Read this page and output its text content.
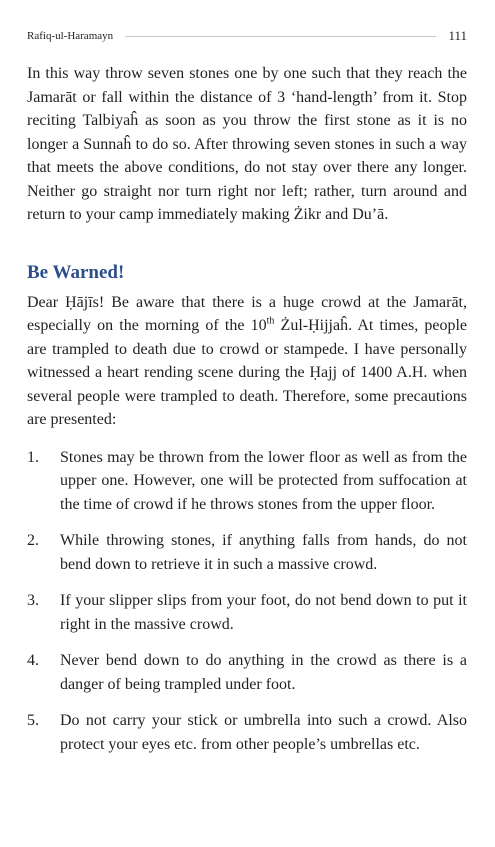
Rafiq-ul-Haramayn	111

In this way throw seven stones one by one such that they reach the Jamarāt or fall within the distance of 3 ‘hand-length’ from it. Stop reciting Talbiyaĥ as soon as you throw the first stone as it is no longer a Sunnaĥ to do so. After throwing seven stones in such a way that meets the above conditions, do not stay over there any longer. Neither go straight nor turn right nor left; rather, turn around and return to your camp immediately making Żikr and Du’ā.

Be Warned!

Dear Ḥājīs! Be aware that there is a huge crowd at the Jamarāt, especially on the morning of the 10th Żul-Ḥijjaĥ. At times, people are trampled to death due to crowd or stampede. I have personally witnessed a heart rending scene during the Ḥajj of 1400 A.H. when several people were trampled to death. Therefore, some precautions are presented:

1.	Stones may be thrown from the lower floor as well as from the upper one. However, one will be protected from suffocation at the time of crowd if he throws stones from the upper floor.
2.	While throwing stones, if anything falls from hands, do not bend down to retrieve it in such a massive crowd.
3.	If your slipper slips from your foot, do not bend down to put it right in the massive crowd.
4.	Never bend down to do anything in the crowd as there is a danger of being trampled under foot.
5.	Do not carry your stick or umbrella into such a crowd. Also protect your eyes etc. from other people’s umbrellas etc.
